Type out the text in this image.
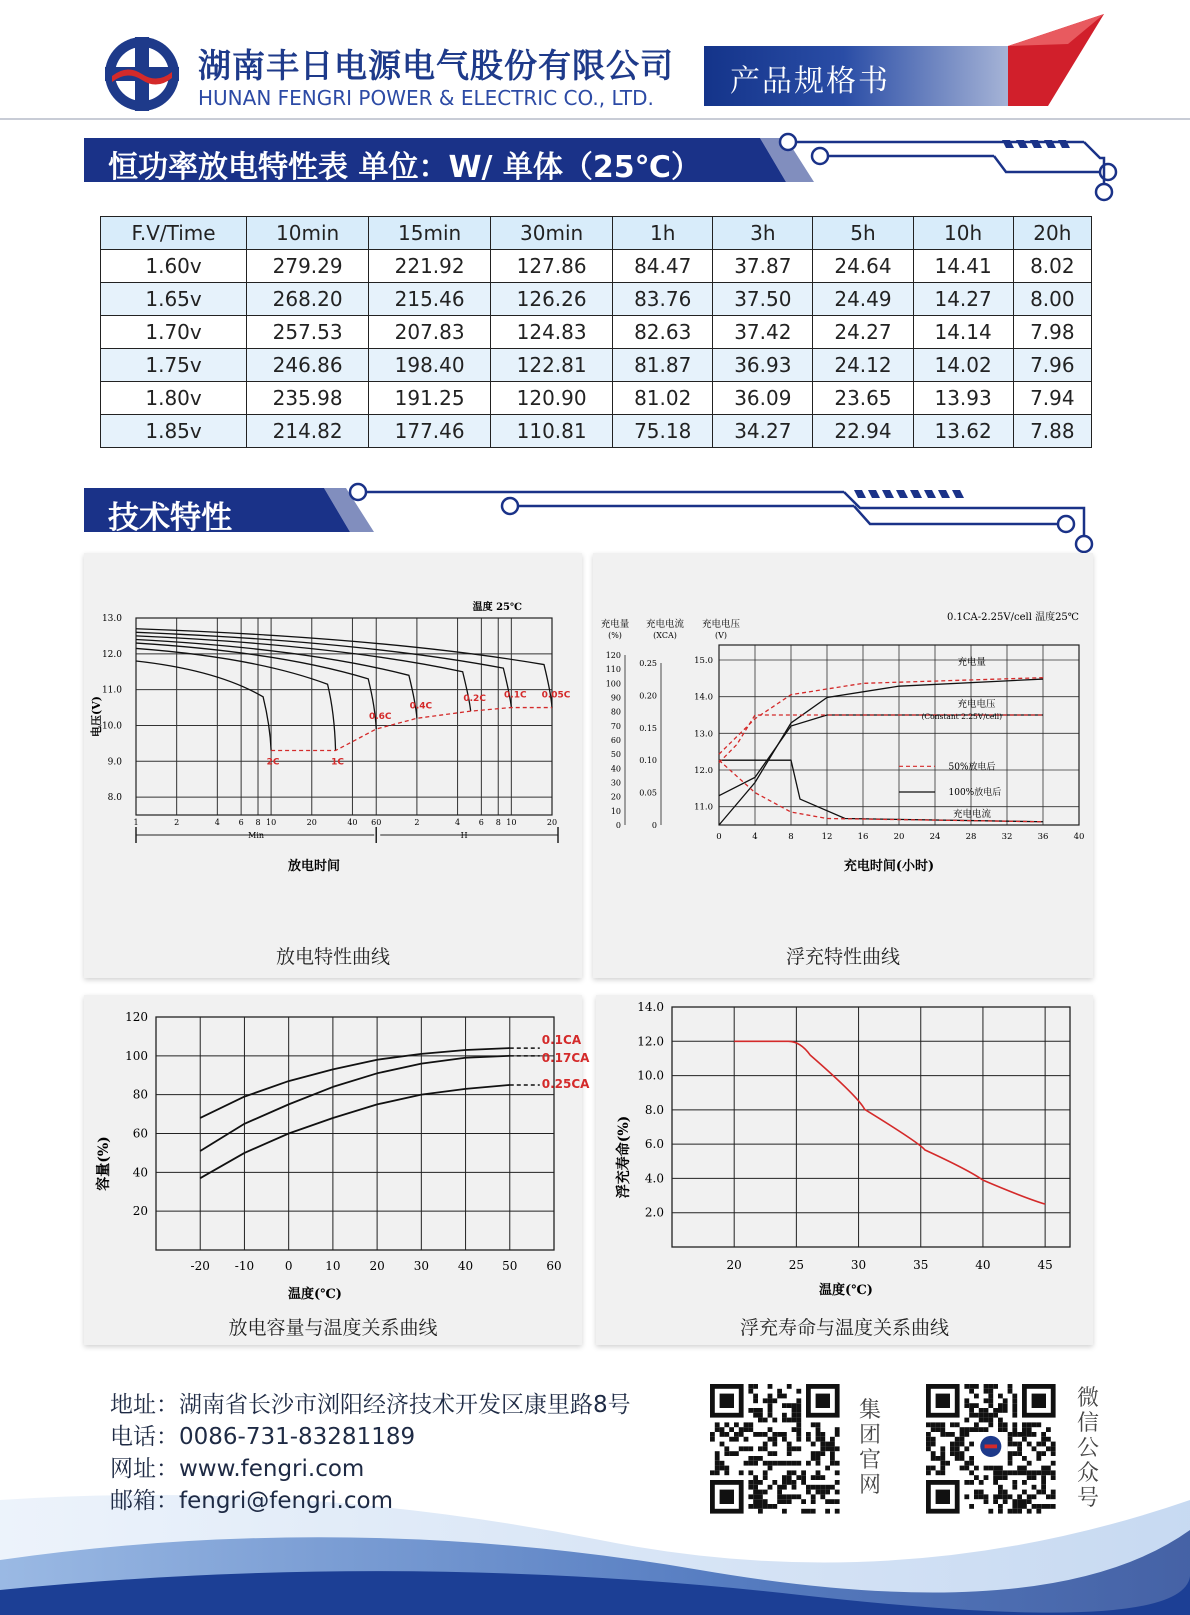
湖南丰日电源电气股份有限公司
HUNAN FENGRI POWER & ELECTRIC CO., LTD.	产品规格书
恒功率放电特性表 单位：W/ 单体（25℃）
F.V/Time	10min	15min	30min	1h	3h	5h	10h	20h
1.60v	279.29	221.92	127.86	84.47	37.87	24.64	14.41	8.02
1.65v	268.20	215.46	126.26	83.76	37.50	24.49	14.27	8.00
1.70v	257.53	207.83	124.83	82.63	37.42	24.27	14.14	7.98
1.75v	246.86	198.40	122.81	81.87	36.93	24.12	14.02	7.96
1.80v	235.98	191.25	120.90	81.02	36.09	23.65	13.93	7.94
1.85v	214.82	177.46	110.81	75.18	34.27	22.94	13.62	7.88
技术特性
13.0
12.0
11.0
10.0
9.0
8.0
1	2	4 6 8 10	20	40 60	2	4 6 8 10	20
Min	H
温度 25℃
放电时间
电压(V)
2C	1C
0.6C
0.4C
0.2C 0.1C 0.05C
放电特性曲线
充电量
(%)
充电电流
(XCA)
充电电压
(V)
120
110
100
90
80
70
60
50
40
30
20
10
0
0.25
0.20
0.15
0.10
0.05
0
15.0
14.0
13.0
12.0
11.0
0	4	8	12	16	20	24	28	32	36	40
0.1CA-2.25V/cell 温度25℃
充电时间(小时)
充电量
充电电压
(Constant 2.25V/cell)
充电电流
50%放电后
100%放电后
浮充特性曲线
120
100
80
60
40
20
-20 -10	0	10 20 30 40 50 60
温度(℃)
容量(%)
0.1CA
0.17CA
0.25CA
放电容量与温度关系曲线
14.0
12.0
10.0
8.0
6.0
4.0
2.0
20	25	30	35	40	45
温度(℃)
浮充寿命(%)
浮充寿命与温度关系曲线
地址：湖南省长沙市浏阳经济技术开发区康里路8号
电话：0086-731-83281189
网址：www.fengri.com
邮箱：fengri@fengri.com
集团官网
微信公众号
